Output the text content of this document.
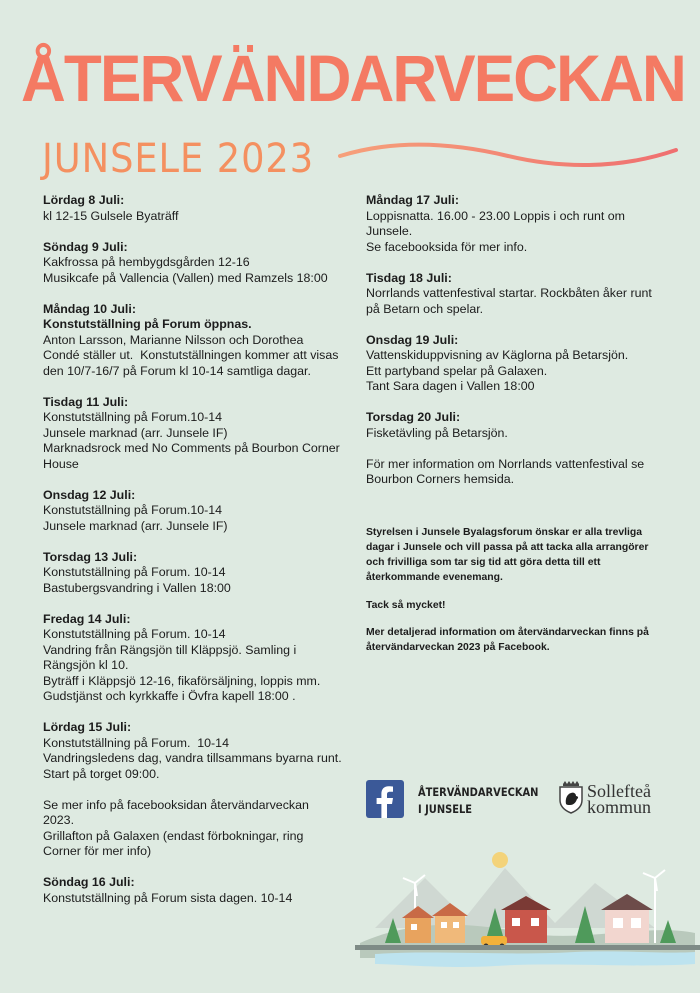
ÅTERVÄNDARVECKAN
JUNSELE 2023
Lördag 8 Juli:
kl 12-15 Gulsele Byaträff
Söndag 9 Juli:
Kakfrossa på hembygdsgården 12-16
Musikcafe på Vallencia (Vallen) med Ramzels 18:00
Måndag 10 Juli:
Konstutställning på Forum öppnas.
Anton Larsson, Marianne Nilsson och Dorothea Condé ställer ut.  Konstutställningen kommer att visas den 10/7-16/7 på Forum kl 10-14 samtliga dagar.
Tisdag 11 Juli:
Konstutställning på Forum.10-14
Junsele marknad (arr. Junsele IF)
Marknadsrock med No Comments på Bourbon Corner House
Onsdag 12 Juli:
Konstutställning på Forum.10-14
Junsele marknad (arr. Junsele IF)
Torsdag 13 Juli:
Konstutställning på Forum. 10-14
Bastubergsvandring i Vallen 18:00
Fredag 14 Juli:
Konstutställning på Forum. 10-14
Vandring från Rängsjön till Kläppsjö. Samling i Rängsjön kl 10.
Byträff i Kläppsjö 12-16, fikaförsäljning, loppis mm.
Gudstjänst och kyrkkaffe i Övfra kapell 18:00 .
Lördag 15 Juli:
Konstutställning på Forum.  10-14
Vandringsledens dag, vandra tillsammans byarna runt.
Start på torget 09:00.
Se mer info på facebooksidan återvändarveckan 2023.
Grillafton på Galaxen (endast förbokningar, ring Corner för mer info)
Söndag 16 Juli:
Konstutställning på Forum sista dagen. 10-14
Måndag 17 Juli:
Loppisnatta. 16.00 - 23.00 Loppis i och runt om Junsele.
Se facebooksida för mer info.
Tisdag 18 Juli:
Norrlands vattenfestival startar. Rockbåten åker runt på Betarn och spelar.
Onsdag 19 Juli:
Vattenskiduppvisning av Käglorna på Betarsjön.
Ett partyband spelar på Galaxen.
Tant Sara dagen i Vallen 18:00
Torsdag 20 Juli:
Fisketävling på Betarsjön.
För mer information om Norrlands vattenfestival se Bourbon Corners hemsida.

Styrelsen i Junsele Byalagsforum önskar er alla trevliga dagar i Junsele och vill passa på att tacka alla arrangörer och frivilliga som tar sig tid att göra detta till ett återkommande evenemang.

Tack så mycket!

Mer detaljerad information om återvändarveckan finns på återvändarveckan 2023 på Facebook.

ÅTERVÄNDARVECKAN
I JUNSELE
Sollefteå
kommun
